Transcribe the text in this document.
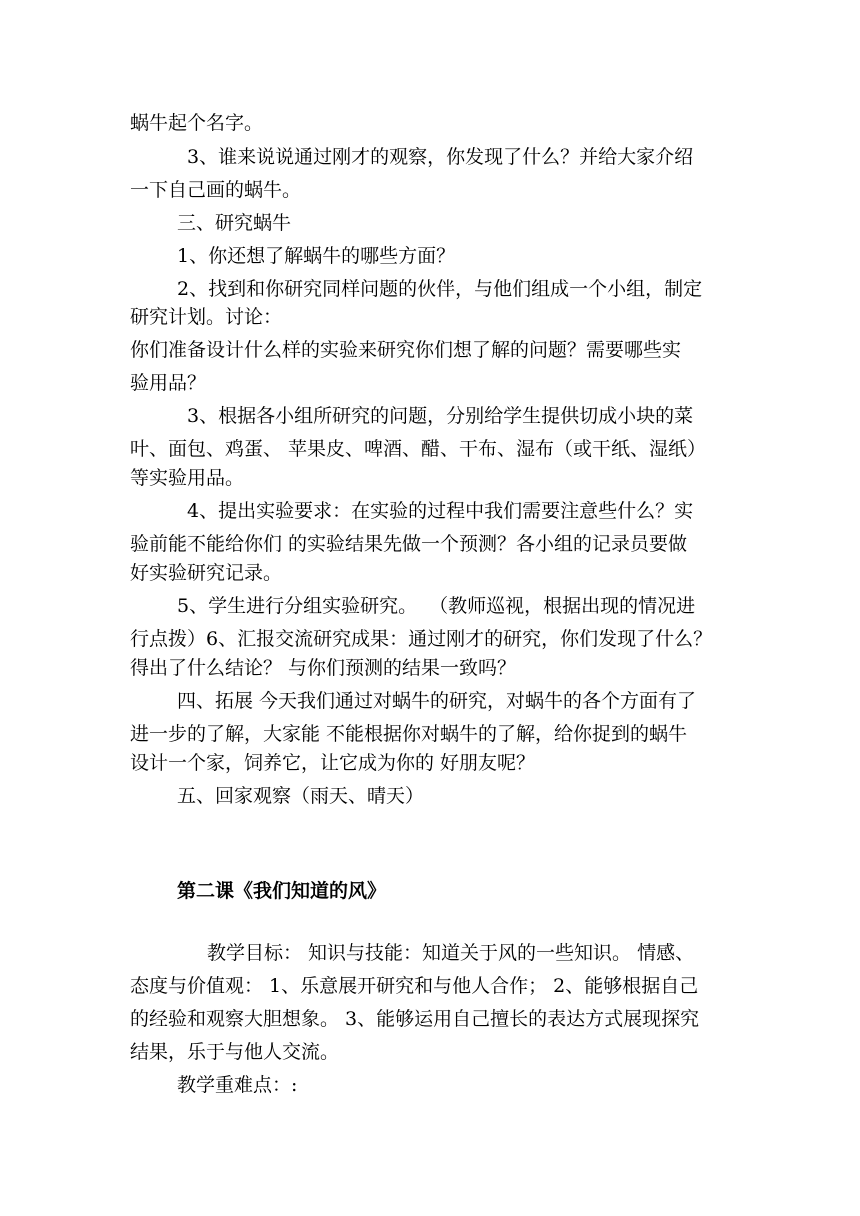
蜗牛起个名字。
3、谁来说说通过刚才的观察，你发现了什么？并给大家介绍
一下自己画的蜗牛。
三、研究蜗牛
1、你还想了解蜗牛的哪些方面？
2、找到和你研究同样问题的伙伴，与他们组成一个小组，制定
研究计划。讨论：
你们准备设计什么样的实验来研究你们想了解的问题？需要哪些实
验用品？
3、根据各小组所研究的问题，分别给学生提供切成小块的菜
叶、面包、鸡蛋、 苹果皮、啤酒、醋、干布、湿布（或干纸、湿纸）
等实验用品。
4、提出实验要求：在实验的过程中我们需要注意些什么？实
验前能不能给你们 的实验结果先做一个预测？各小组的记录员要做
好实验研究记录。
5、学生进行分组实验研究。  （教师巡视，根据出现的情况进
行点拨）6、汇报交流研究成果：通过刚才的研究，你们发现了什么？
得出了什么结论？ 与你们预测的结果一致吗？
四、拓展 今天我们通过对蜗牛的研究，对蜗牛的各个方面有了
进一步的了解，大家能 不能根据你对蜗牛的了解，给你捉到的蜗牛
设计一个家，饲养它，让它成为你的 好朋友呢？
五、回家观察（雨天、晴天）
第二课《我们知道的风》
教学目标： 知识与技能：知道关于风的一些知识。 情感、
态度与价值观： 1、乐意展开研究和与他人合作； 2、能够根据自己
的经验和观察大胆想象。 3、能够运用自己擅长的表达方式展现探究
结果，乐于与他人交流。
教学重难点：:
